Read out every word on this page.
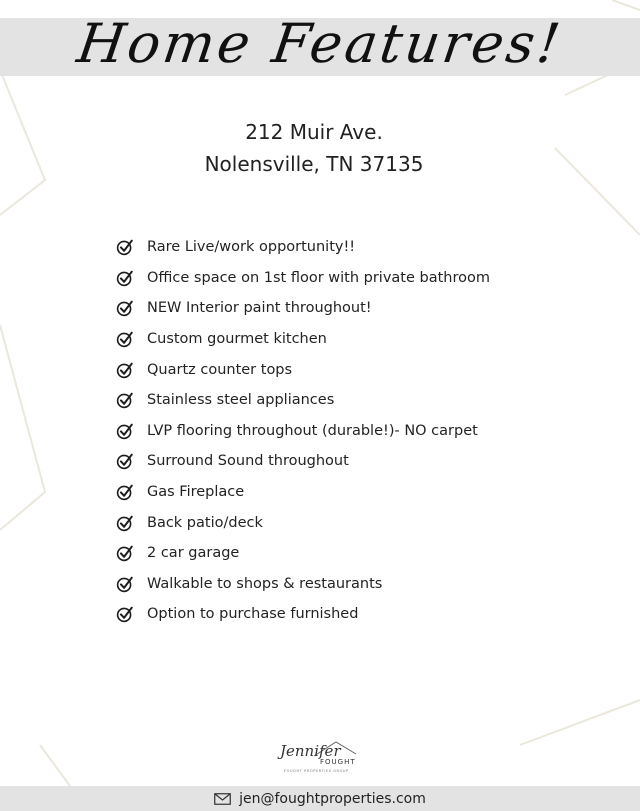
Home Features!
212 Muir Ave.
Nolensville, TN 37135
Rare Live/work opportunity!!
Office space on 1st floor with private bathroom
NEW Interior paint throughout!
Custom gourmet kitchen
Quartz counter tops
Stainless steel appliances
LVP flooring throughout (durable!)- NO carpet
Surround Sound throughout
Gas Fireplace
Back patio/deck
2 car garage
Walkable to shops & restaurants
Option to purchase furnished
Jennifer
FOUGHT
FOUGHT PROPERTIES GROUP
jen@foughtproperties.com
